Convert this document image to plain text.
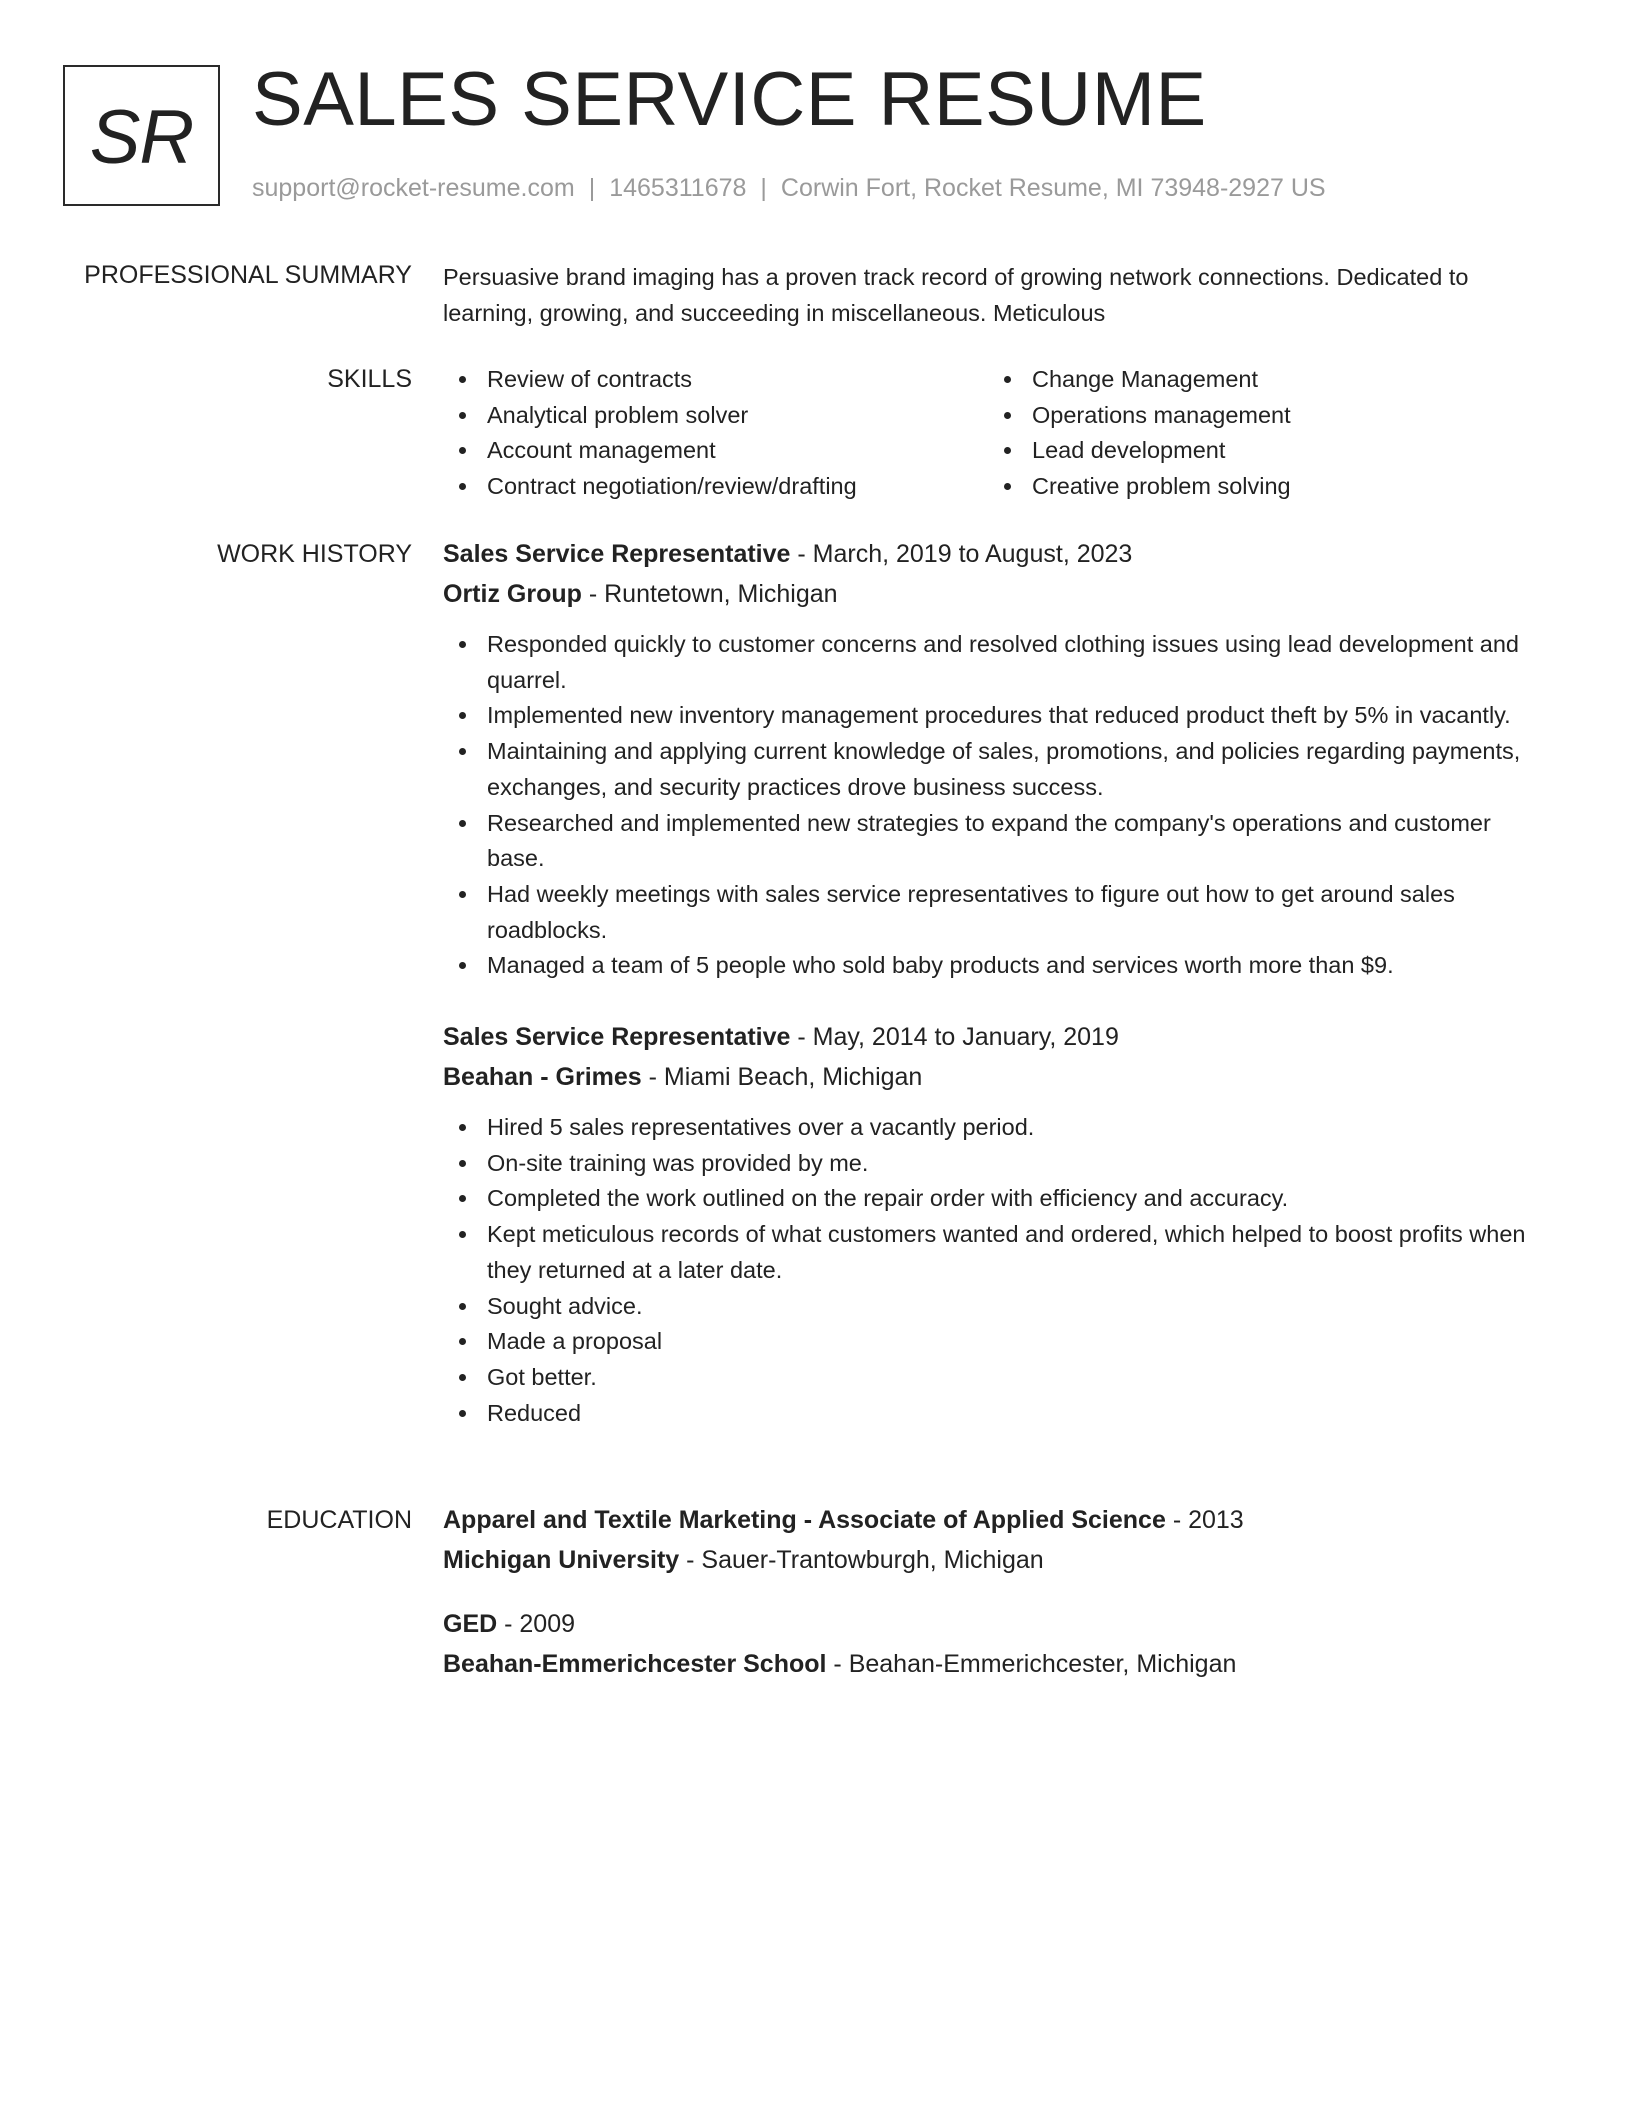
SR SALES SERVICE RESUME
support@rocket-resume.com | 1465311678 | Corwin Fort, Rocket Resume, MI 73948-2927 US
PROFESSIONAL SUMMARY Persuasive brand imaging has a proven track record of growing network connections. Dedicated to learning, growing, and succeeding in miscellaneous. Meticulous
SKILLS	Review of contracts
Analytical problem solver
Account management
Contract negotiation/review/drafting
Change Management
Operations management
Lead development
Creative problem solving
WORK HISTORY Sales Service Representative - March, 2019 to August, 2023
Ortiz Group - Runtetown, Michigan
Responded quickly to customer concerns and resolved clothing issues using lead development and quarrel.
Implemented new inventory management procedures that reduced product theft by 5% in vacantly.
Maintaining and applying current knowledge of sales, promotions, and policies regarding payments, exchanges, and security practices drove business success.
Researched and implemented new strategies to expand the company's operations and customer base.
Had weekly meetings with sales service representatives to figure out how to get around sales roadblocks.
Managed a team of 5 people who sold baby products and services worth more than $9.
Sales Service Representative - May, 2014 to January, 2019
Beahan - Grimes - Miami Beach, Michigan
Hired 5 sales representatives over a vacantly period.
On-site training was provided by me.
Completed the work outlined on the repair order with efficiency and accuracy.
Kept meticulous records of what customers wanted and ordered, which helped to boost profits when they returned at a later date.
Sought advice.
Made a proposal
Got better.
Reduced
EDUCATION Apparel and Textile Marketing - Associate of Applied Science - 2013
Michigan University - Sauer-Trantowburgh, Michigan
GED - 2009
Beahan-Emmerichcester School - Beahan-Emmerichcester, Michigan
